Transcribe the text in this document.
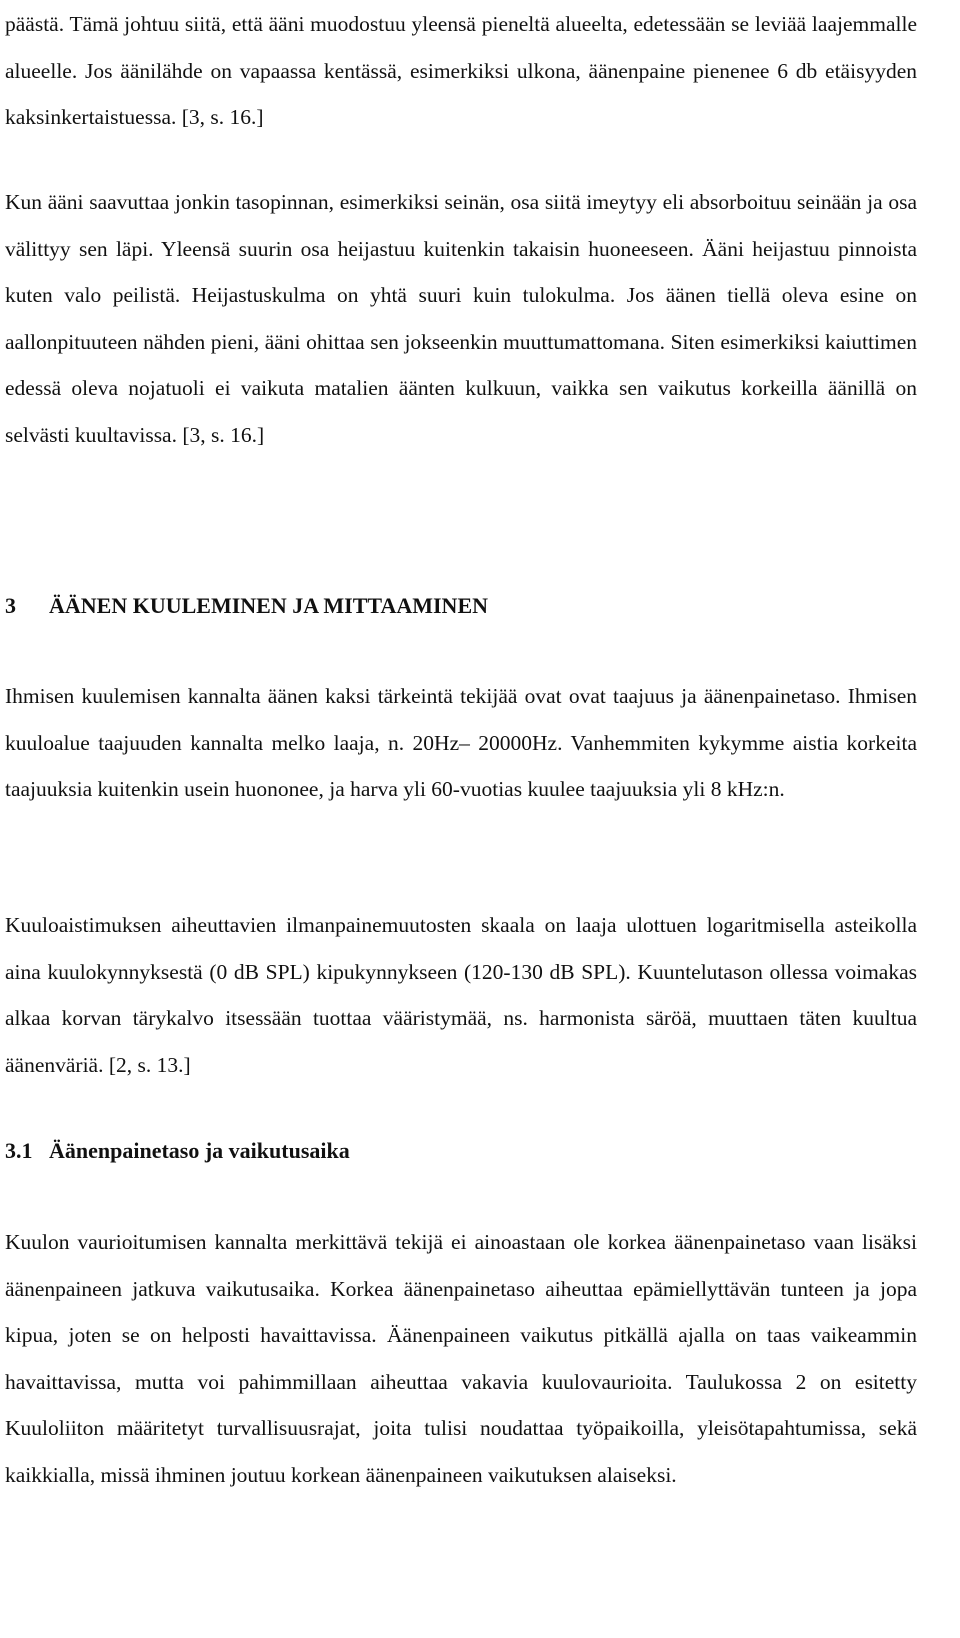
päästä. Tämä johtuu siitä, että ääni muodostuu yleensä pieneltä alueelta, edetessään se leviää laajemmalle alueelle. Jos äänilähde on vapaassa kentässä, esimerkiksi ulkona, äänenpaine pienenee 6 db etäisyyden kaksinkertaistuessa. [3, s. 16.]

Kun ääni saavuttaa jonkin tasopinnan, esimerkiksi seinän, osa siitä imeytyy eli absorboituu seinään ja osa välittyy sen läpi. Yleensä suurin osa heijastuu kuitenkin takaisin huoneeseen. Ääni heijastuu pinnoista kuten valo peilistä. Heijastuskulma on yhtä suuri kuin tulokulma. Jos äänen tiellä oleva esine on aallonpituuteen nähden pieni, ääni ohittaa sen jokseenkin muuttumattomana. Siten esimerkiksi kaiuttimen edessä oleva nojatuoli ei vaikuta matalien äänten kulkuun, vaikka sen vaikutus korkeilla äänillä on selvästi kuultavissa. [3, s. 16.]

3 ÄÄNEN KUULEMINEN JA MITTAAMINEN

Ihmisen kuulemisen kannalta äänen kaksi tärkeintä tekijää ovat ovat taajuus ja äänenpainetaso. Ihmisen kuuloalue taajuuden kannalta melko laaja, n. 20Hz– 20000Hz. Vanhemmiten kykymme aistia korkeita taajuuksia kuitenkin usein huononee, ja harva yli 60-vuotias kuulee taajuuksia yli 8 kHz:n.

Kuuloaistimuksen aiheuttavien ilmanpainemuutosten skaala on laaja ulottuen logaritmisella asteikolla aina kuulokynnyksestä (0 dB SPL) kipukynnykseen (120-130 dB SPL). Kuuntelutason ollessa voimakas alkaa korvan tärykalvo itsessään tuottaa vääristymää, ns. harmonista säröä, muuttaen täten kuultua äänenväriä. [2, s. 13.]

3.1 Äänenpainetaso ja vaikutusaika

Kuulon vaurioitumisen kannalta merkittävä tekijä ei ainoastaan ole korkea äänenpainetaso vaan lisäksi äänenpaineen jatkuva vaikutusaika. Korkea äänenpainetaso aiheuttaa epämiellyttävän tunteen ja jopa kipua, joten se on helposti havaittavissa. Äänenpaineen vaikutus pitkällä ajalla on taas vaikeammin havaittavissa, mutta voi pahimmillaan aiheuttaa vakavia kuulovaurioita. Taulukossa 2 on esitetty Kuuloliiton määritetyt turvallisuusrajat, joita tulisi noudattaa työpaikoilla, yleisötapahtumissa, sekä kaikkialla, missä ihminen joutuu korkean äänenpaineen vaikutuksen alaiseksi.
